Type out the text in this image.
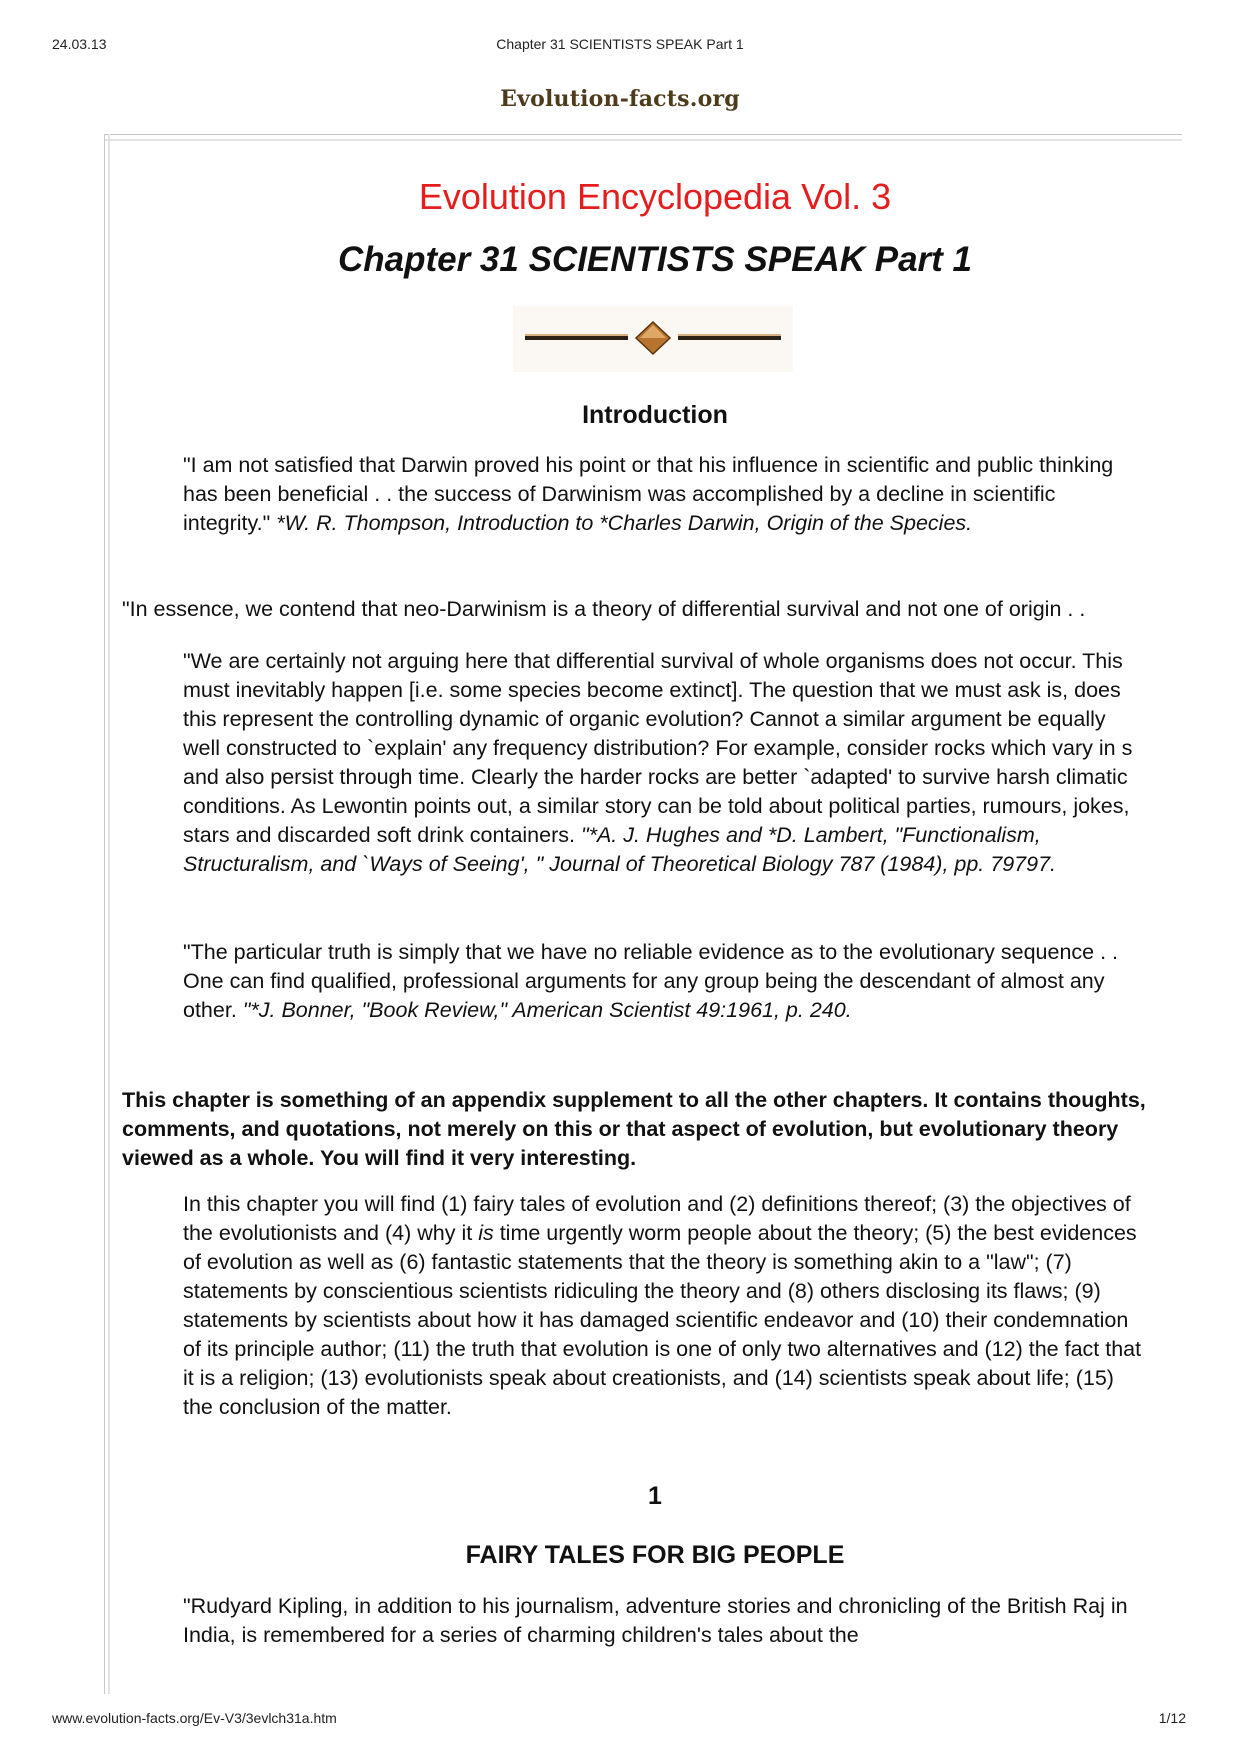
24.03.13	Chapter 31 SCIENTISTS SPEAK Part 1
Evolution-facts.org
Evolution Encyclopedia Vol. 3
Chapter 31 SCIENTISTS SPEAK Part 1
Introduction

"I am not satisfied that Darwin proved his point or that his influence in scientific and public thinking has been beneficial . . the success of Darwinism was accomplished by a decline in scientific integrity." *W. R. Thompson, Introduction to *Charles Darwin, Origin of the Species.

"In essence, we contend that neo-Darwinism is a theory of differential survival and not one of origin . .

"We are certainly not arguing here that differential survival of whole organisms does not occur. This must inevitably happen [i.e. some species become extinct]. The question that we must ask is, does this represent the controlling dynamic of organic evolution? Cannot a similar argument be equally well constructed to `explain' any frequency distribution? For example, consider rocks which vary in s and also persist through time. Clearly the harder rocks are better `adapted' to survive harsh climatic conditions. As Lewontin points out, a similar story can be told about political parties, rumours, jokes, stars and discarded soft drink containers. "*A. J. Hughes and *D. Lambert, "Functionalism, Structuralism, and `Ways of Seeing', " Journal of Theoretical Biology 787 (1984), pp. 79797.

"The particular truth is simply that we have no reliable evidence as to the evolutionary sequence . . One can find qualified, professional arguments for any group being the descendant of almost any other. "*J. Bonner, "Book Review," American Scientist 49:1961, p. 240.

This chapter is something of an appendix supplement to all the other chapters. It contains thoughts, comments, and quotations, not merely on this or that aspect of evolution, but evolutionary theory viewed as a whole. You will find it very interesting.

In this chapter you will find (1) fairy tales of evolution and (2) definitions thereof; (3) the objectives of the evolutionists and (4) why it is time urgently worm people about the theory; (5) the best evidences of evolution as well as (6) fantastic statements that the theory is something akin to a "law"; (7) statements by conscientious scientists ridiculing the theory and (8) others disclosing its flaws; (9) statements by scientists about how it has damaged scientific endeavor and (10) their condemnation of its principle author; (11) the truth that evolution is one of only two alternatives and (12) the fact that it is a religion; (13) evolutionists speak about creationists, and (14) scientists speak about life; (15) the conclusion of the matter.

1
FAIRY TALES FOR BIG PEOPLE

"Rudyard Kipling, in addition to his journalism, adventure stories and chronicling of the British Raj in India, is remembered for a series of charming children's tales about the

www.evolution-facts.org/Ev-V3/3evlch31a.htm	1/12
